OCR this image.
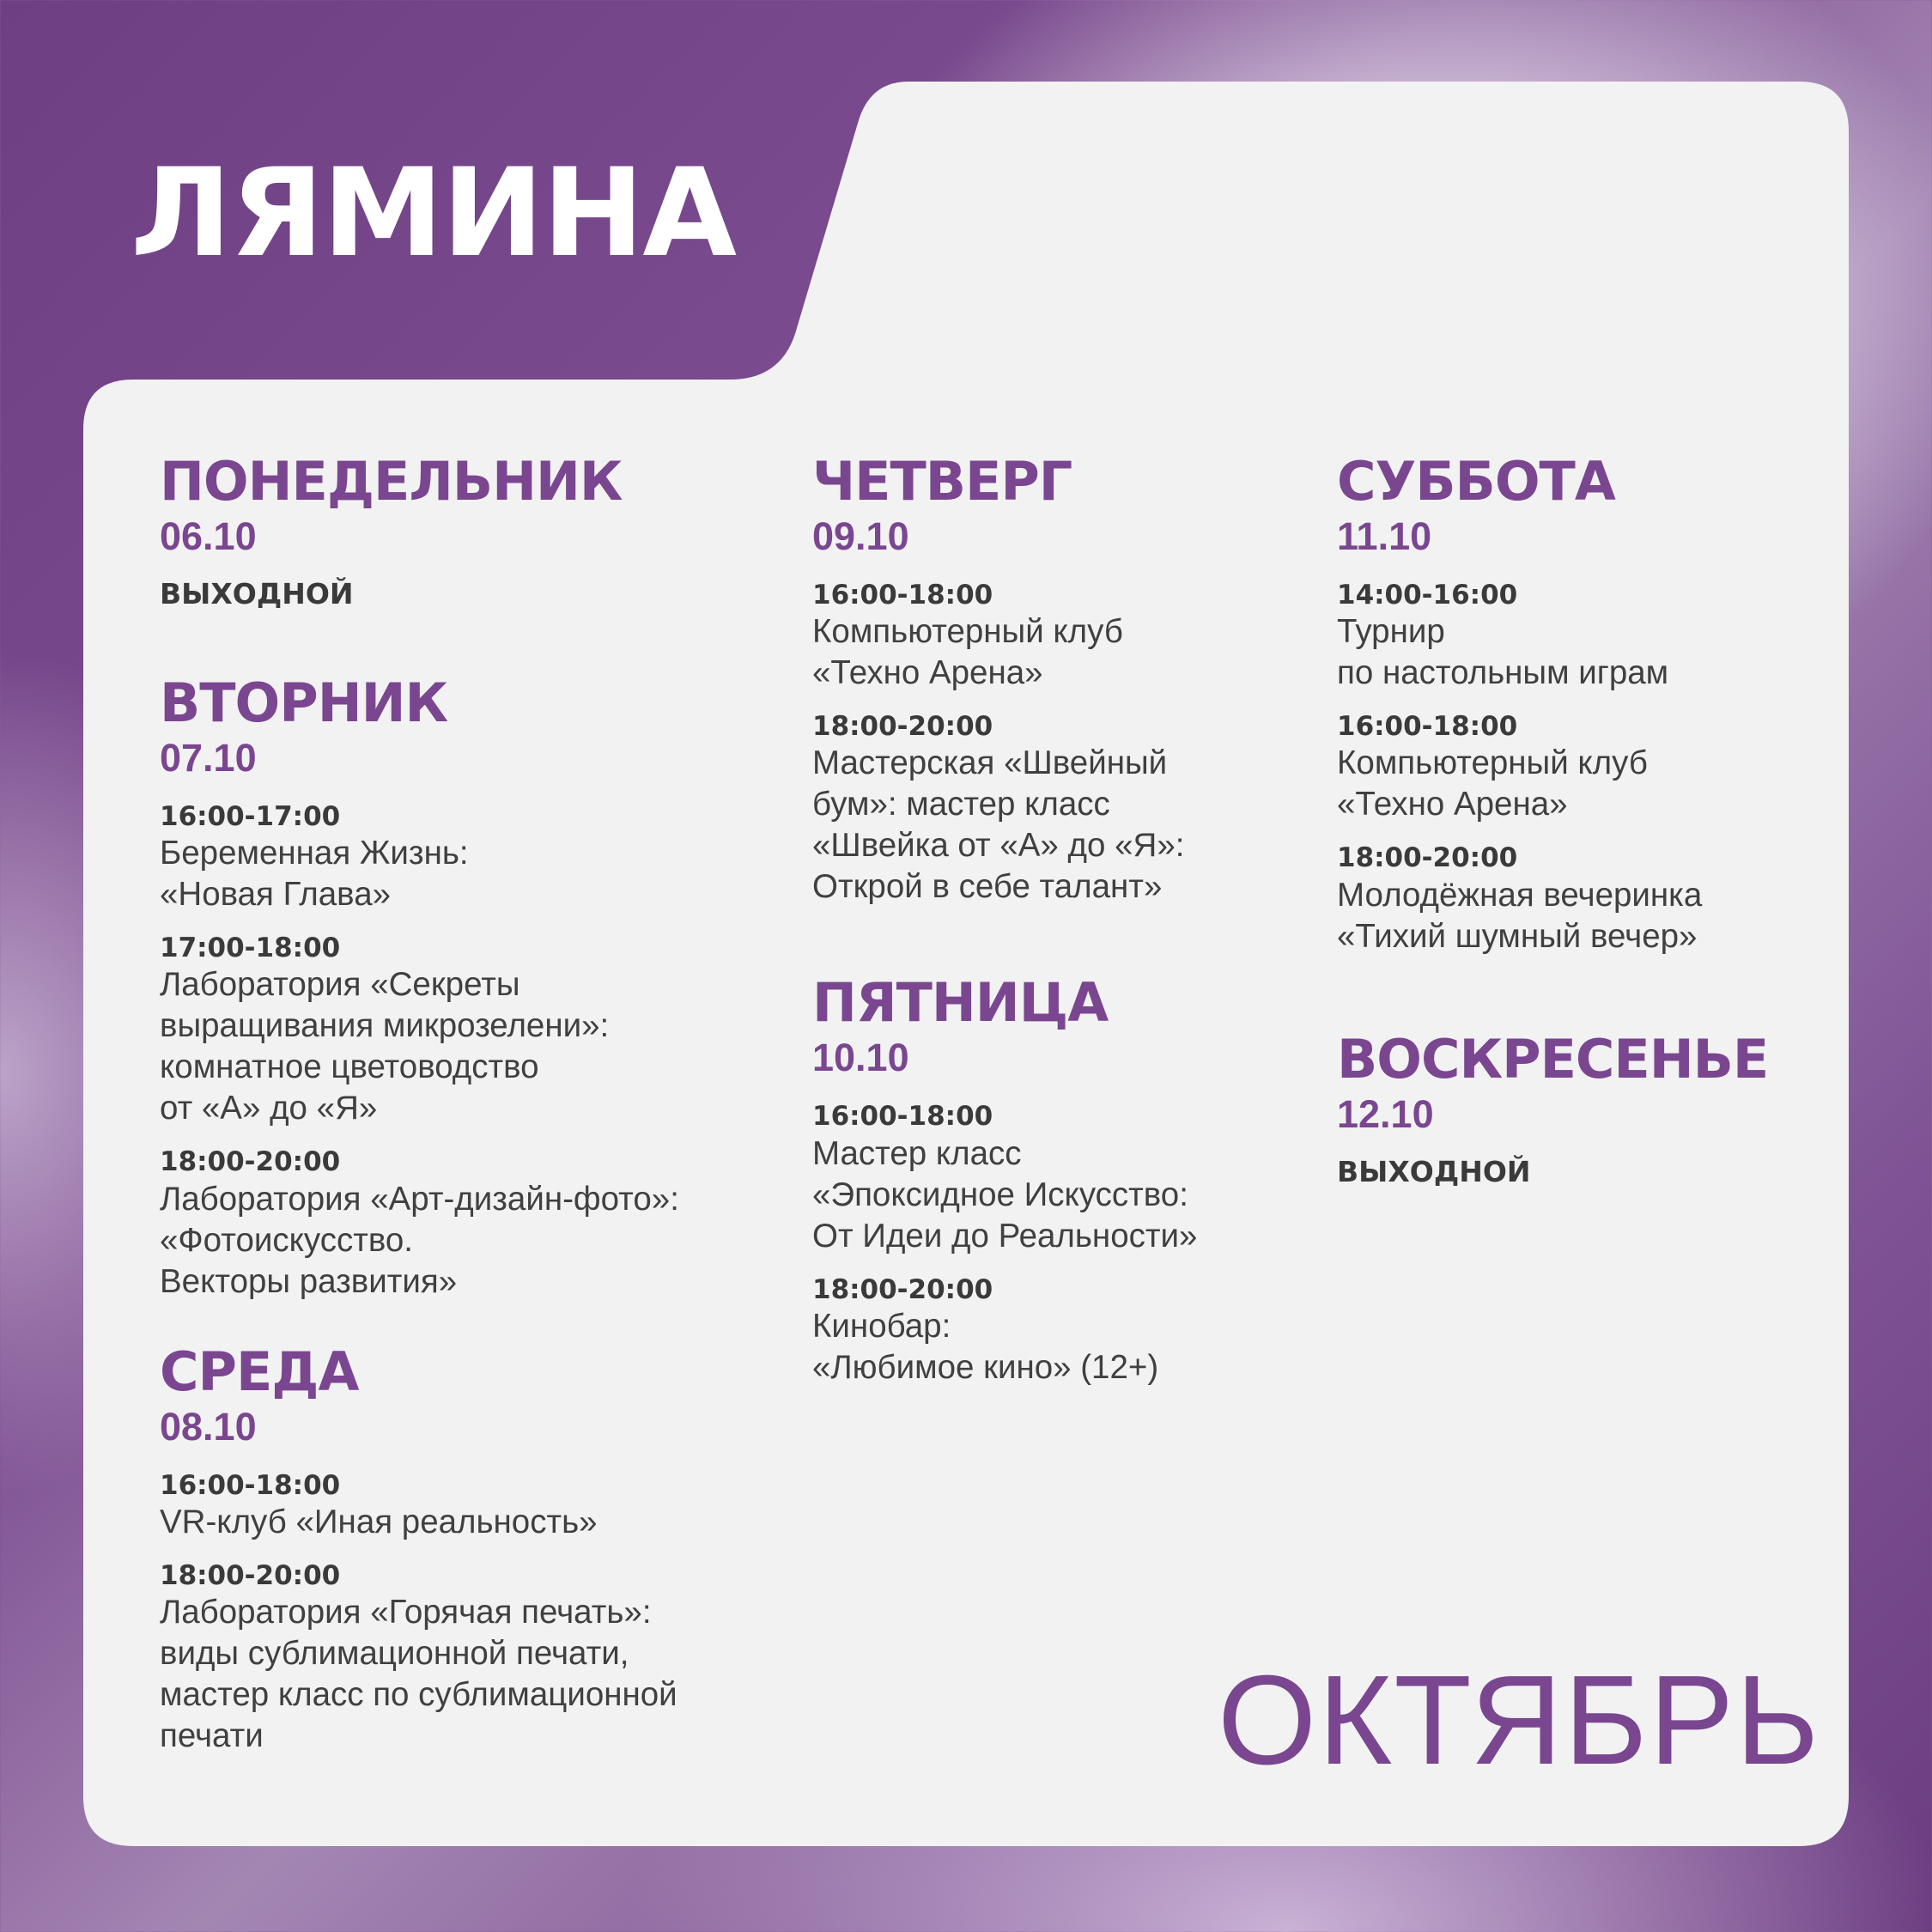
ЛЯМИНА
ПОНЕДЕЛЬНИК
06.10
ВЫХОДНОЙ
ВТОРНИК
07.10
16:00-17:00
Беременная Жизнь:
«Новая Глава»
17:00-18:00
Лаборатория «Секреты
выращивания микрозелени»:
комнатное цветоводство
от «А» до «Я»
18:00-20:00
Лаборатория «Арт-дизайн-фото»:
«Фотоискусство.
Векторы развития»
СРЕДА
08.10
16:00-18:00
VR-клуб «Иная реальность»
18:00-20:00
Лаборатория «Горячая печать»:
виды сублимационной печати,
мастер класс по сублимационной
печати
ЧЕТВЕРГ
09.10
16:00-18:00
Компьютерный клуб
«Техно Арена»
18:00-20:00
Мастерская «Швейный
бум»: мастер класс
«Швейка от «А» до «Я»:
Открой в себе талант»
ПЯТНИЦА
10.10
16:00-18:00
Мастер класс
«Эпоксидное Искусство:
От Идеи до Реальности»
18:00-20:00
Кинобар:
«Любимое кино» (12+)
СУББОТА
11.10
14:00-16:00
Турнир
по настольным играм
16:00-18:00
Компьютерный клуб
«Техно Арена»
18:00-20:00
Молодёжная вечеринка
«Тихий шумный вечер»
ВОСКРЕСЕНЬЕ
12.10
ВЫХОДНОЙ
ОКТЯБРЬ
